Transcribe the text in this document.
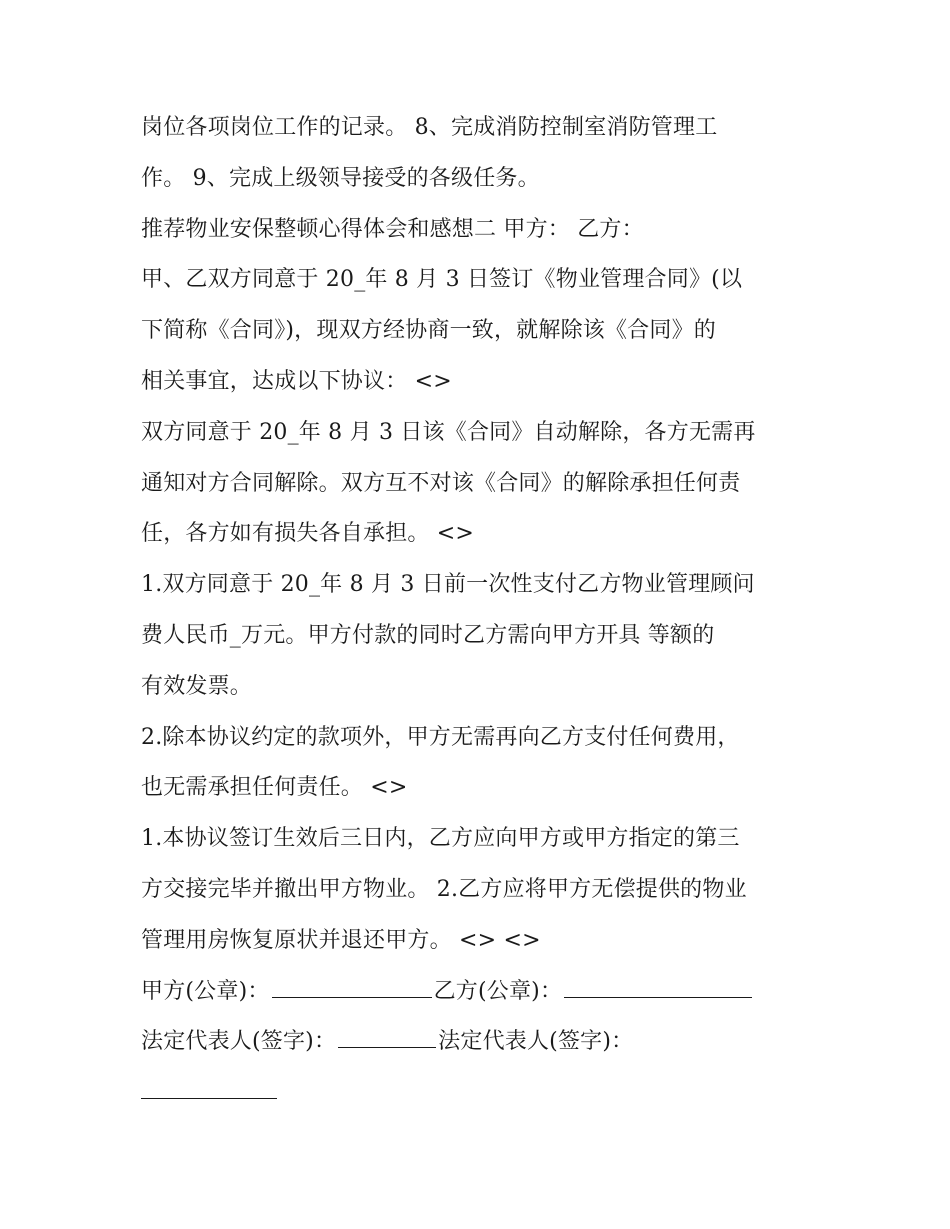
岗位各项岗位工作的记录。 8、完成消防控制室消防管理工
作。 9、完成上级领导接受的各级任务。
推荐物业安保整顿心得体会和感想二 甲方： 乙方：
甲、乙双方同意于 20_年 8 月 3 日签订《物业管理合同》(以
下简称《合同》)，现双方经协商一致，就解除该《合同》的
相关事宜，达成以下协议： <>
双方同意于 20_年 8 月 3 日该《合同》自动解除，各方无需再
通知对方合同解除。双方互不对该《合同》的解除承担任何责
任，各方如有损失各自承担。 <>
1.双方同意于 20_年 8 月 3 日前一次性支付乙方物业管理顾问
费人民币_万元。甲方付款的同时乙方需向甲方开具 等额的
有效发票。
2.除本协议约定的款项外，甲方无需再向乙方支付任何费用，
也无需承担任何责任。 <>
1.本协议签订生效后三日内，乙方应向甲方或甲方指定的第三
方交接完毕并撤出甲方物业。 2.乙方应将甲方无偿提供的物业
管理用房恢复原状并退还甲方。 <> <>
甲方(公章)：	乙方(公章)：
法定代表人(签字)：	法定代表人(签字)：
